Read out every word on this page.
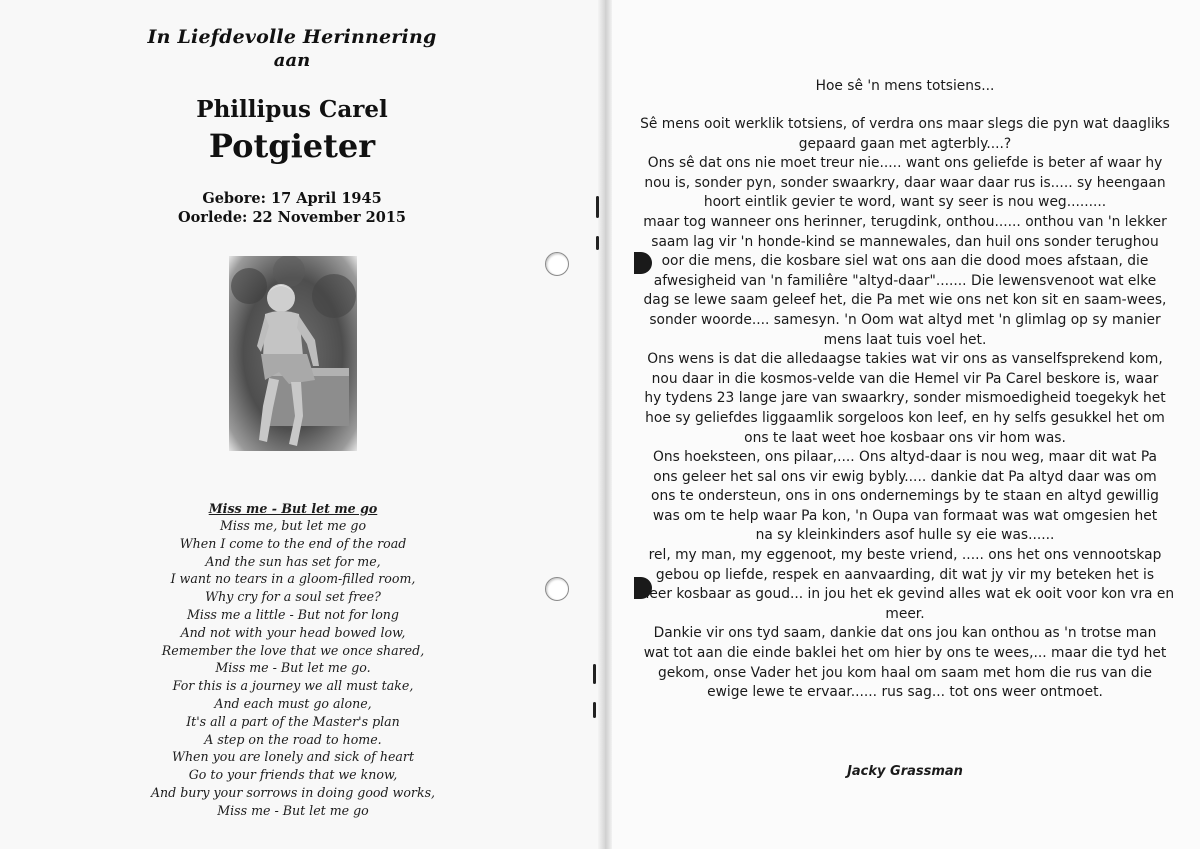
In Liefdevolle Herinnering
aan
Phillipus Carel
Potgieter
Gebore: 17 April 1945
Oorlede: 22 November 2015
Miss me - But let me go
Miss me, but let me go
When I come to the end of the road
And the sun has set for me,
I want no tears in a gloom-filled room,
Why cry for a soul set free?
Miss me a little - But not for long
And not with your head bowed low,
Remember the love that we once shared,
Miss me - But let me go.
For this is a journey we all must take,
And each must go alone,
It's all a part of the Master's plan
A step on the road to home.
When you are lonely and sick of heart
Go to your friends that we know,
And bury your sorrows in doing good works,
Miss me - But let me go
Hoe sê 'n mens totsiens...
Sê mens ooit werklik totsiens, of verdra ons maar slegs die pyn wat daagliks
gepaard gaan met agterbly....?
Ons sê dat ons nie moet treur nie..... want ons geliefde is beter af waar hy
nou is, sonder pyn, sonder swaarkry, daar waar daar rus is..... sy heengaan
hoort eintlik gevier te word, want sy seer is nou weg.........
maar tog wanneer ons herinner, terugdink, onthou...... onthou van 'n lekker
saam lag vir 'n honde-kind se mannewales, dan huil ons sonder terughou
oor die mens, die kosbare siel wat ons aan die dood moes afstaan, die
afwesigheid van 'n familiêre "altyd-daar"....... Die lewensvenoot wat elke
dag se lewe saam geleef het, die Pa met wie ons net kon sit en saam-wees,
sonder woorde.... samesyn. 'n Oom wat altyd met 'n glimlag op sy manier
mens laat tuis voel het.
Ons wens is dat die alledaagse takies wat vir ons as vanselfsprekend kom,
nou daar in die kosmos-velde van die Hemel vir Pa Carel beskore is, waar
hy tydens 23 lange jare van swaarkry, sonder mismoedigheid toegekyk het
hoe sy geliefdes liggaamlik sorgeloos kon leef, en hy selfs gesukkel het om
ons te laat weet hoe kosbaar ons vir hom was.
Ons hoeksteen, ons pilaar,.... Ons altyd-daar is nou weg, maar dit wat Pa
ons geleer het sal ons vir ewig bybly..... dankie dat Pa altyd daar was om
ons te ondersteun, ons in ons ondernemings by te staan en altyd gewillig
was om te help waar Pa kon, 'n Oupa van formaat was wat omgesien het
na sy kleinkinders asof hulle sy eie was......
rel, my man, my eggenoot, my beste vriend, ..... ons het ons vennootskap
gebou op liefde, respek en aanvaarding, dit wat jy vir my beteken het is
meer kosbaar as goud... in jou het ek gevind alles wat ek ooit voor kon vra en
meer.
Dankie vir ons tyd saam, dankie dat ons jou kan onthou as 'n trotse man
wat tot aan die einde baklei het om hier by ons te wees,... maar die tyd het
gekom, onse Vader het jou kom haal om saam met hom die rus van die
ewige lewe te ervaar...... rus sag... tot ons weer ontmoet.
Jacky Grassman
